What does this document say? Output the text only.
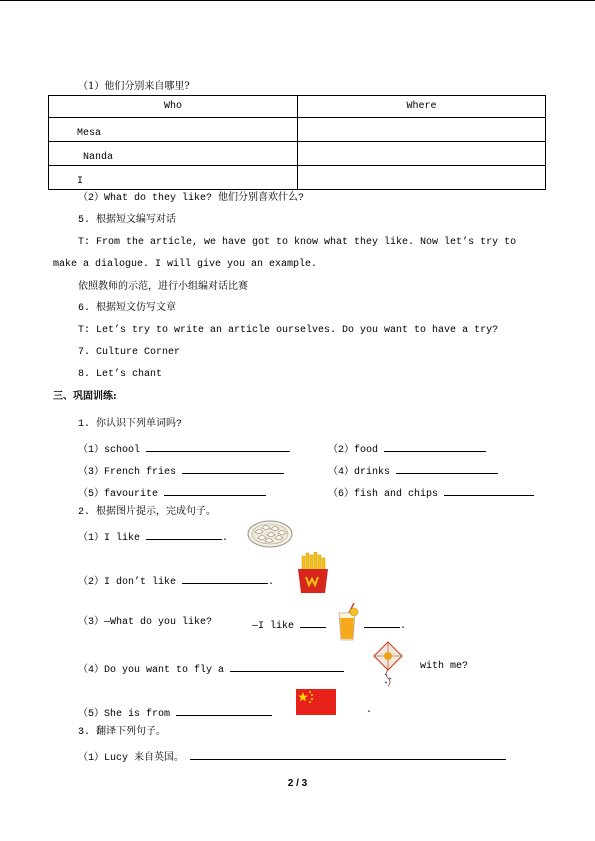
（1）他们分别来自哪里?
Who	Where
Mesa	
Nanda	
I	
（2）What do they like? 他们分别喜欢什么?
5. 根据短文编写对话
T: From the article, we have got to know what they like. Now let’s try to
make a dialogue. I will give you an example.
依照教师的示范，进行小组编对话比赛
6. 根据短文仿写文章
T: Let’s try to write an article ourselves. Do you want to have a try?
7. Culture Corner
8. Let’s chant
三、巩固训练:
1. 你认识下列单词吗?
（1）school	（2）food
（3）French fries	（4）drinks
（5）favourite	（6）fish and chips
2. 根据图片提示，完成句子。
（1）I like	.
（2）I don’t like	.
（3）—What do you like?	—I like	.
（4）Do you want to fly a	with me?
（5）She is from	.
3. 翻译下列句子。
（1）Lucy 来自英国。
2 / 3
